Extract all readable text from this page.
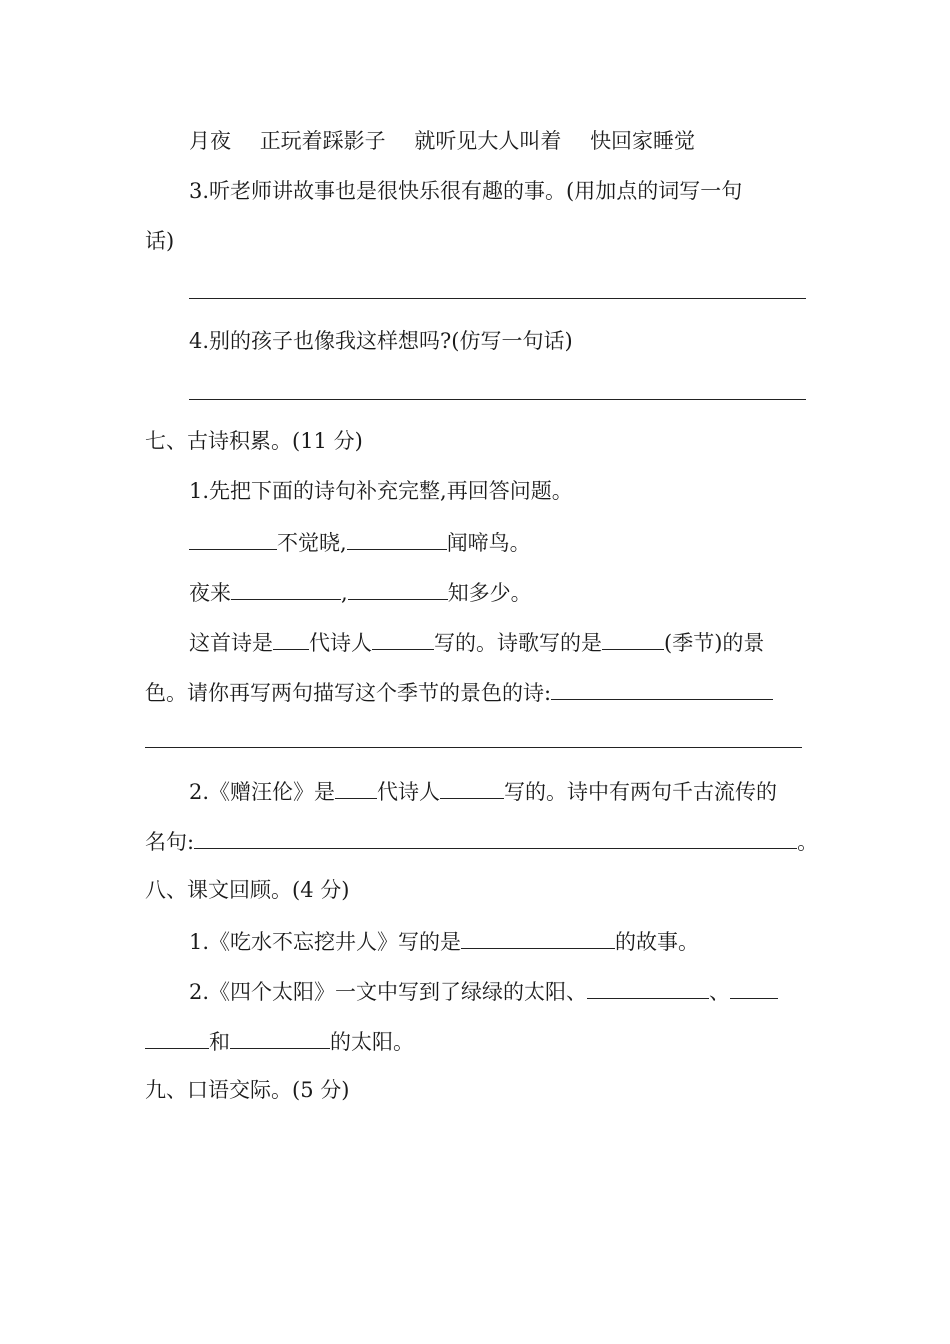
月夜 正玩着踩影子 就听见大人叫着 快回家睡觉
3.听老师讲故事也是很快乐很有趣的事。(用加点的词写一句
话)
4.别的孩子也像我这样想吗?(仿写一句话)
七、古诗积累。(11 分)
1.先把下面的诗句补充完整,再回答问题。
不觉晓,	闻啼鸟。
夜来	,	知多少。
这首诗是 代诗人	写的。诗歌写的是	(季节)的景
色。请你再写两句描写这个季节的景色的诗:
2.《赠汪伦》是 代诗人	写的。诗中有两句千古流传的
名句:	。
八、课文回顾。(4 分)
1.《吃水不忘挖井人》写的是	的故事。
2.《四个太阳》一文中写到了绿绿的太阳、	、
和	的太阳。
九、口语交际。(5 分)
